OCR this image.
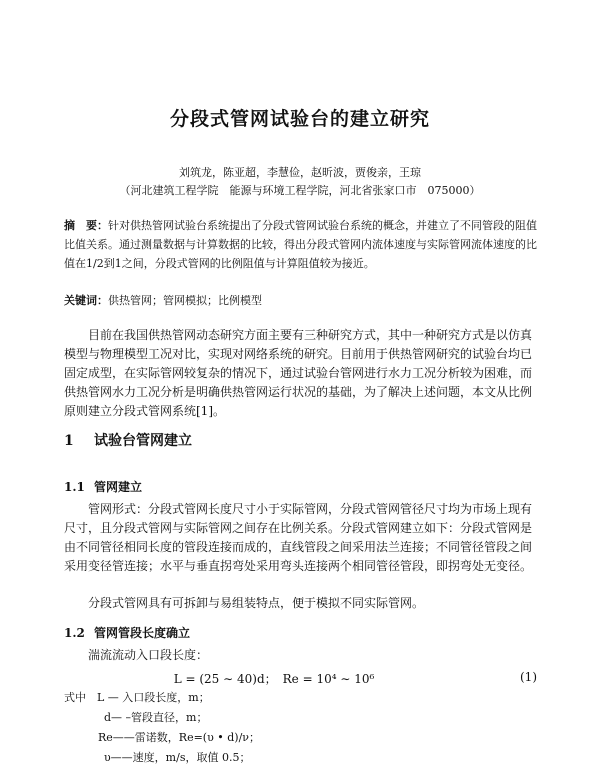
分段式管网试验台的建立研究
刘筑龙，陈亚超，李慧俭，赵昕波，贾俊亲，王琼
（河北建筑工程学院　能源与环境工程学院，河北省张家口市　075000）
摘　要：针对供热管网试验台系统提出了分段式管网试验台系统的概念，并建立了不同管段的阻值比值关系。通过测量数据与计算数据的比较，得出分段式管网内流体速度与实际管网流体速度的比值在1/2到1之间，分段式管网的比例阻值与计算阻值较为接近。
关键词：供热管网；管网模拟；比例模型
目前在我国供热管网动态研究方面主要有三种研究方式，其中一种研究方式是以仿真模型与物理模型工况对比，实现对网络系统的研究。目前用于供热管网研究的试验台均已固定成型，在实际管网较复杂的情况下，通过试验台管网进行水力工况分析较为困难，而供热管网水力工况分析是明确供热管网运行状况的基础，为了解决上述问题，本文从比例原则建立分段式管网系统[1]。
1 试验台管网建立
1.1 管网建立
管网形式：分段式管网长度尺寸小于实际管网，分段式管网管径尺寸均为市场上现有尺寸，且分段式管网与实际管网之间存在比例关系。分段式管网建立如下：分段式管网是由不同管径相同长度的管段连接而成的，直线管段之间采用法兰连接；不同管径管段之间采用变径管连接；水平与垂直拐弯处采用弯头连接两个相同管径管段，即拐弯处无变径。
分段式管网具有可拆卸与易组装特点，便于模拟不同实际管网。
1.2 管网管段长度确立
湍流流动入口段长度：
L = (25 ∼ 40)d；　Re = 10⁴ ∼ 10⁶	(1)
式中　L — 入口段长度，m；
d— –管段直径，m；
Re——雷诺数，Re=(υ • d)/ν；
υ——速度，m/s，取值 0.5；
